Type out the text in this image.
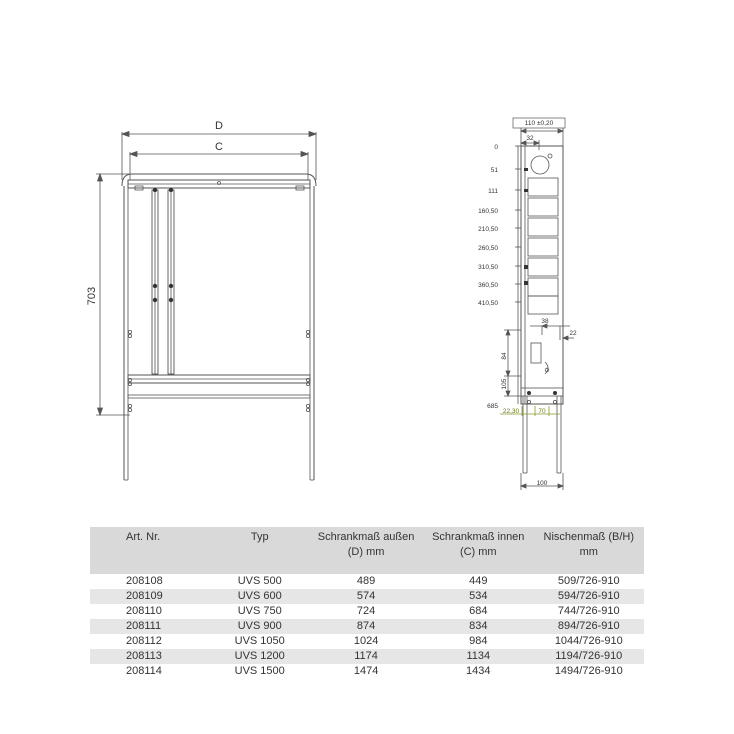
D
C
703
0
51
111
160,50
210,50
260,50
310,50
360,50
410,50
685
110 ±0,20
32
38
22
100
84
105
22,30	70
Art. Nr.	Typ	Schrankmaß außen (D) mm	Schrankmaß innen (C) mm	Nischenmaß (B/H) mm
208108	UVS 500	489	449	509/726-910
208109	UVS 600	574	534	594/726-910
208110	UVS 750	724	684	744/726-910
208111	UVS 900	874	834	894/726-910
208112	UVS 1050	1024	984	1044/726-910
208113	UVS 1200	1174	1134	1194/726-910
208114	UVS 1500	1474	1434	1494/726-910
